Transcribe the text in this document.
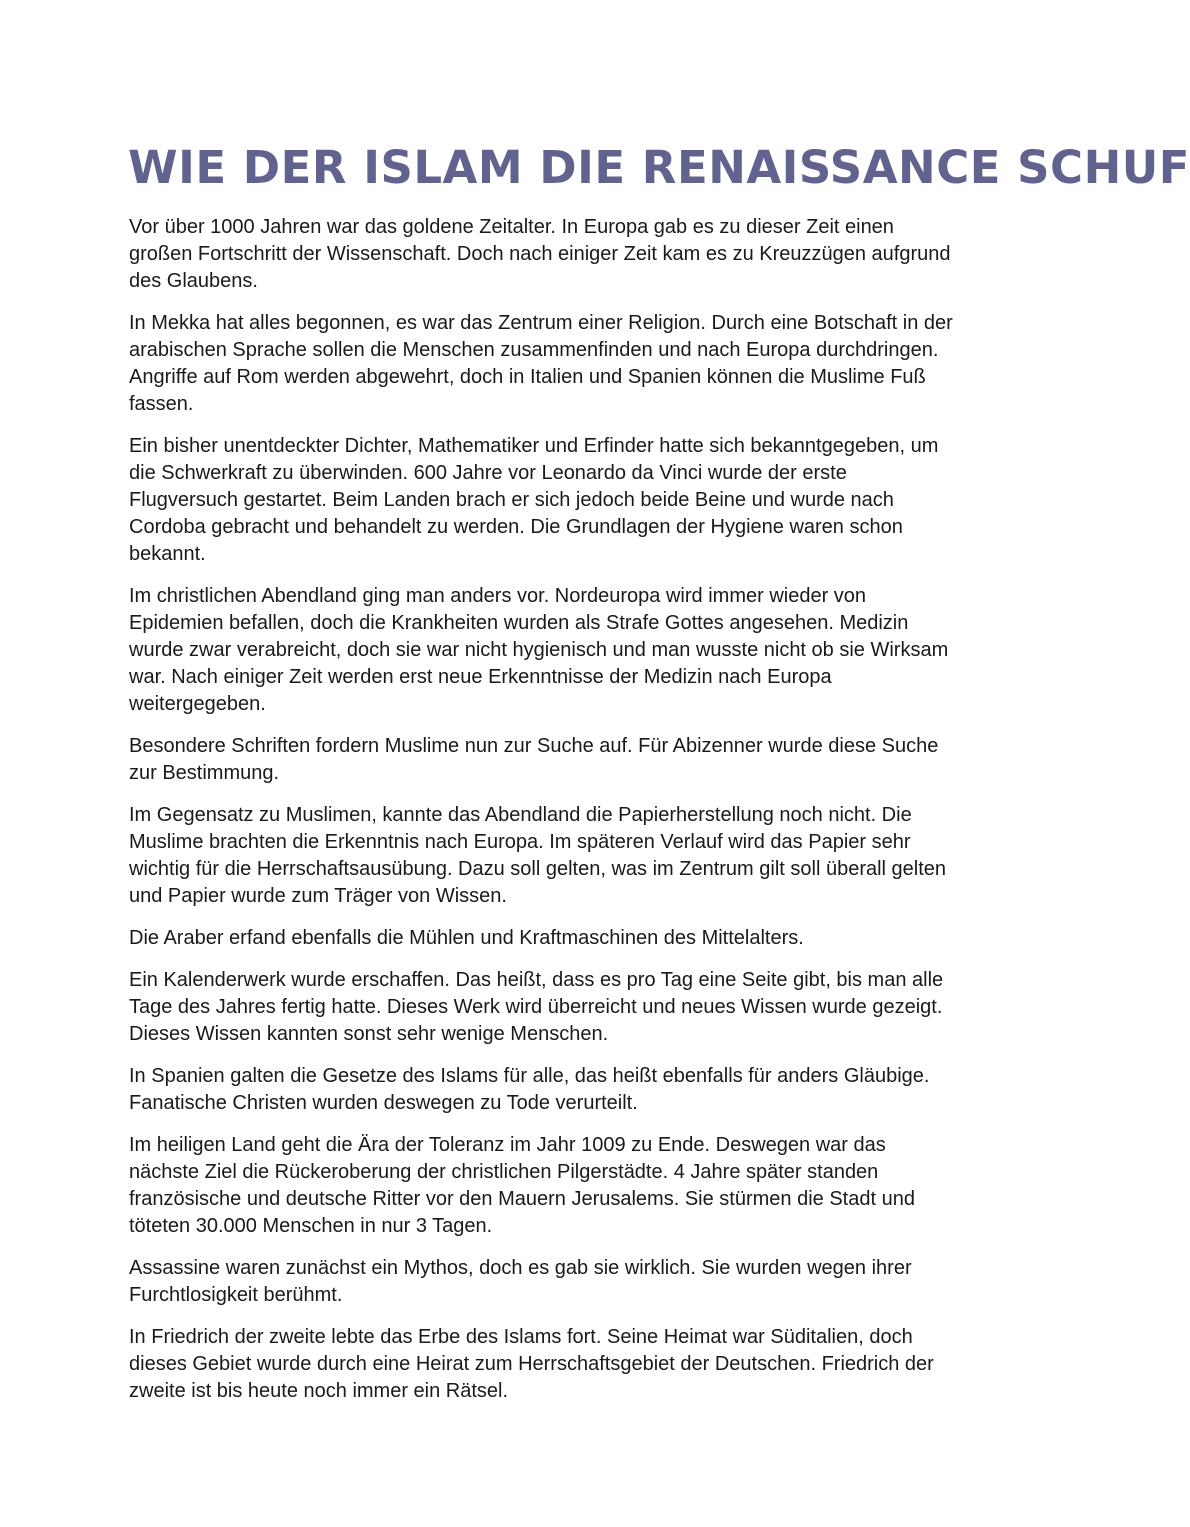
WIE DER ISLAM DIE RENAISSANCE SCHUF

Vor über 1000 Jahren war das goldene Zeitalter. In Europa gab es zu dieser Zeit einen großen Fortschritt der Wissenschaft. Doch nach einiger Zeit kam es zu Kreuzzügen aufgrund des Glaubens.

In Mekka hat alles begonnen, es war das Zentrum einer Religion. Durch eine Botschaft in der arabischen Sprache sollen die Menschen zusammenfinden und nach Europa durchdringen. Angriffe auf Rom werden abgewehrt, doch in Italien und Spanien können die Muslime Fuß fassen.

Ein bisher unentdeckter Dichter, Mathematiker und Erfinder hatte sich bekanntgegeben, um die Schwerkraft zu überwinden. 600 Jahre vor Leonardo da Vinci wurde der erste Flugversuch gestartet. Beim Landen brach er sich jedoch beide Beine und wurde nach Cordoba gebracht und behandelt zu werden. Die Grundlagen der Hygiene waren schon bekannt.

Im christlichen Abendland ging man anders vor. Nordeuropa wird immer wieder von Epidemien befallen, doch die Krankheiten wurden als Strafe Gottes angesehen. Medizin wurde zwar verabreicht, doch sie war nicht hygienisch und man wusste nicht ob sie Wirksam war. Nach einiger Zeit werden erst neue Erkenntnisse der Medizin nach Europa weitergegeben.

Besondere Schriften fordern Muslime nun zur Suche auf. Für Abizenner wurde diese Suche zur Bestimmung.

Im Gegensatz zu Muslimen, kannte das Abendland die Papierherstellung noch nicht. Die Muslime brachten die Erkenntnis nach Europa. Im späteren Verlauf wird das Papier sehr wichtig für die Herrschaftsausübung. Dazu soll gelten, was im Zentrum gilt soll überall gelten und Papier wurde zum Träger von Wissen.

Die Araber erfand ebenfalls die Mühlen und Kraftmaschinen des Mittelalters.

Ein Kalenderwerk wurde erschaffen. Das heißt, dass es pro Tag eine Seite gibt, bis man alle Tage des Jahres fertig hatte. Dieses Werk wird überreicht und neues Wissen wurde gezeigt. Dieses Wissen kannten sonst sehr wenige Menschen.

In Spanien galten die Gesetze des Islams für alle, das heißt ebenfalls für anders Gläubige. Fanatische Christen wurden deswegen zu Tode verurteilt.

Im heiligen Land geht die Ära der Toleranz im Jahr 1009 zu Ende. Deswegen war das nächste Ziel die Rückeroberung der christlichen Pilgerstädte. 4 Jahre später standen französische und deutsche Ritter vor den Mauern Jerusalems. Sie stürmen die Stadt und töteten 30.000 Menschen in nur 3 Tagen.

Assassine waren zunächst ein Mythos, doch es gab sie wirklich. Sie wurden wegen ihrer Furchtlosigkeit berühmt.

In Friedrich der zweite lebte das Erbe des Islams fort. Seine Heimat war Süditalien, doch dieses Gebiet wurde durch eine Heirat zum Herrschaftsgebiet der Deutschen. Friedrich der zweite ist bis heute noch immer ein Rätsel.
